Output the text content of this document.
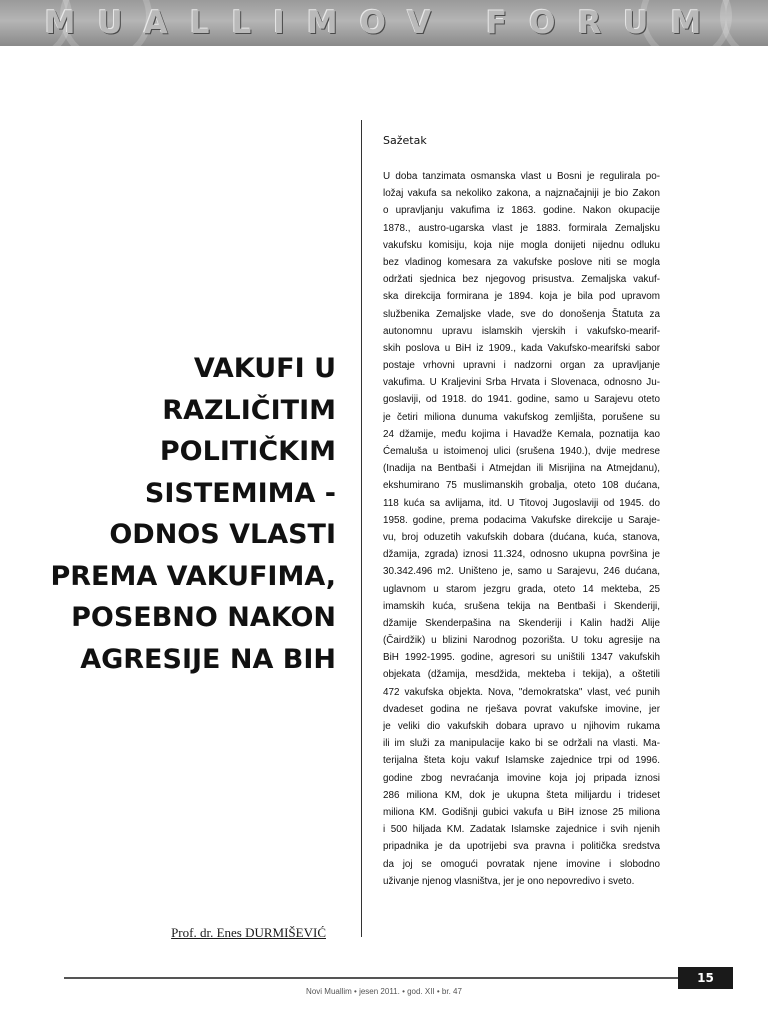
MUALLIMOV FORUM
VAKUFI U
RAZLIČITIM
POLITIČKIM
SISTEMIMA -
ODNOS VLASTI
PREMA VAKUFIMA,
POSEBNO NAKON
AGRESIJE NA BIH
Prof. dr. Enes DURMIŠEVIĆ
Sažetak
U doba tanzimata osmanska vlast u Bosni je regulirala po-
ložaj vakufa sa nekoliko zakona, a najznačajniji je bio Zakon
o upravljanju vakufima iz 1863. godine. Nakon okupacije
1878., austro-ugarska vlast je 1883. formirala Zemaljsku
vakufsku komisiju, koja nije mogla donijeti nijednu odluku
bez vladinog komesara za vakufske poslove niti se mogla
održati sjednica bez njegovog prisustva. Zemaljska vakuf-
ska direkcija formirana je 1894. koja je bila pod upravom
službenika Zemaljske vlade, sve do donošenja Štatuta za
autonomnu upravu islamskih vjerskih i vakufsko-mearif-
skih poslova u BiH iz 1909., kada Vakufsko-mearifski sabor
postaje vrhovni upravni i nadzorni organ za upravljanje
vakufima. U Kraljevini Srba Hrvata i Slovenaca, odnosno Ju-
goslaviji, od 1918. do 1941. godine, samo u Sarajevu oteto
je četiri miliona dunuma vakufskog zemljišta, porušene su
24 džamije, među kojima i Havadže Kemala, poznatija kao
Ćemaluša u istoimenoj ulici (srušena 1940.), dvije medrese
(Inadija na Bentbaši i Atmejdan ili Misrijina na Atmejdanu),
ekshumirano 75 muslimanskih grobalja, oteto 108 dućana,
118 kuća sa avlijama, itd. U Titovoj Jugoslaviji od 1945. do
1958. godine, prema podacima Vakufske direkcije u Saraje-
vu, broj oduzetih vakufskih dobara (dućana, kuća, stanova,
džamija, zgrada) iznosi 11.324, odnosno ukupna površina je
30.342.496 m2. Uništeno je, samo u Sarajevu, 246 dućana,
uglavnom u starom jezgru grada, oteto 14 mekteba, 25
imamskih kuća, srušena tekija na Bentbaši i Skenderiji,
džamije Skenderpašina na Skenderiji i Kalin hadži Alije
(Čairdžik) u blizini Narodnog pozorišta. U toku agresije na
BiH 1992-1995. godine, agresori su uništili 1347 vakufskih
objekata (džamija, mesdžida, mekteba i tekija), a oštetili
472 vakufska objekta. Nova, "demokratska" vlast, već punih
dvadeset godina ne rješava povrat vakufske imovine, jer
je veliki dio vakufskih dobara upravo u njihovim rukama
ili im služi za manipulacije kako bi se održali na vlasti. Ma-
terijalna šteta koju vakuf Islamske zajednice trpi od 1996.
godine zbog nevraćanja imovine koja joj pripada iznosi
286 miliona KM, dok je ukupna šteta milijardu i trideset
miliona KM. Godišnji gubici vakufa u BiH iznose 25 miliona
i 500 hiljada KM. Zadatak Islamske zajednice i svih njenih
pripadnika je da upotrijebi sva pravna i politička sredstva
da joj se omogući povratak njene imovine i slobodno
uživanje njenog vlasništva, jer je ono nepovredivo i sveto.
15
Novi Muallim • jesen 2011. • god. XII • br. 47
